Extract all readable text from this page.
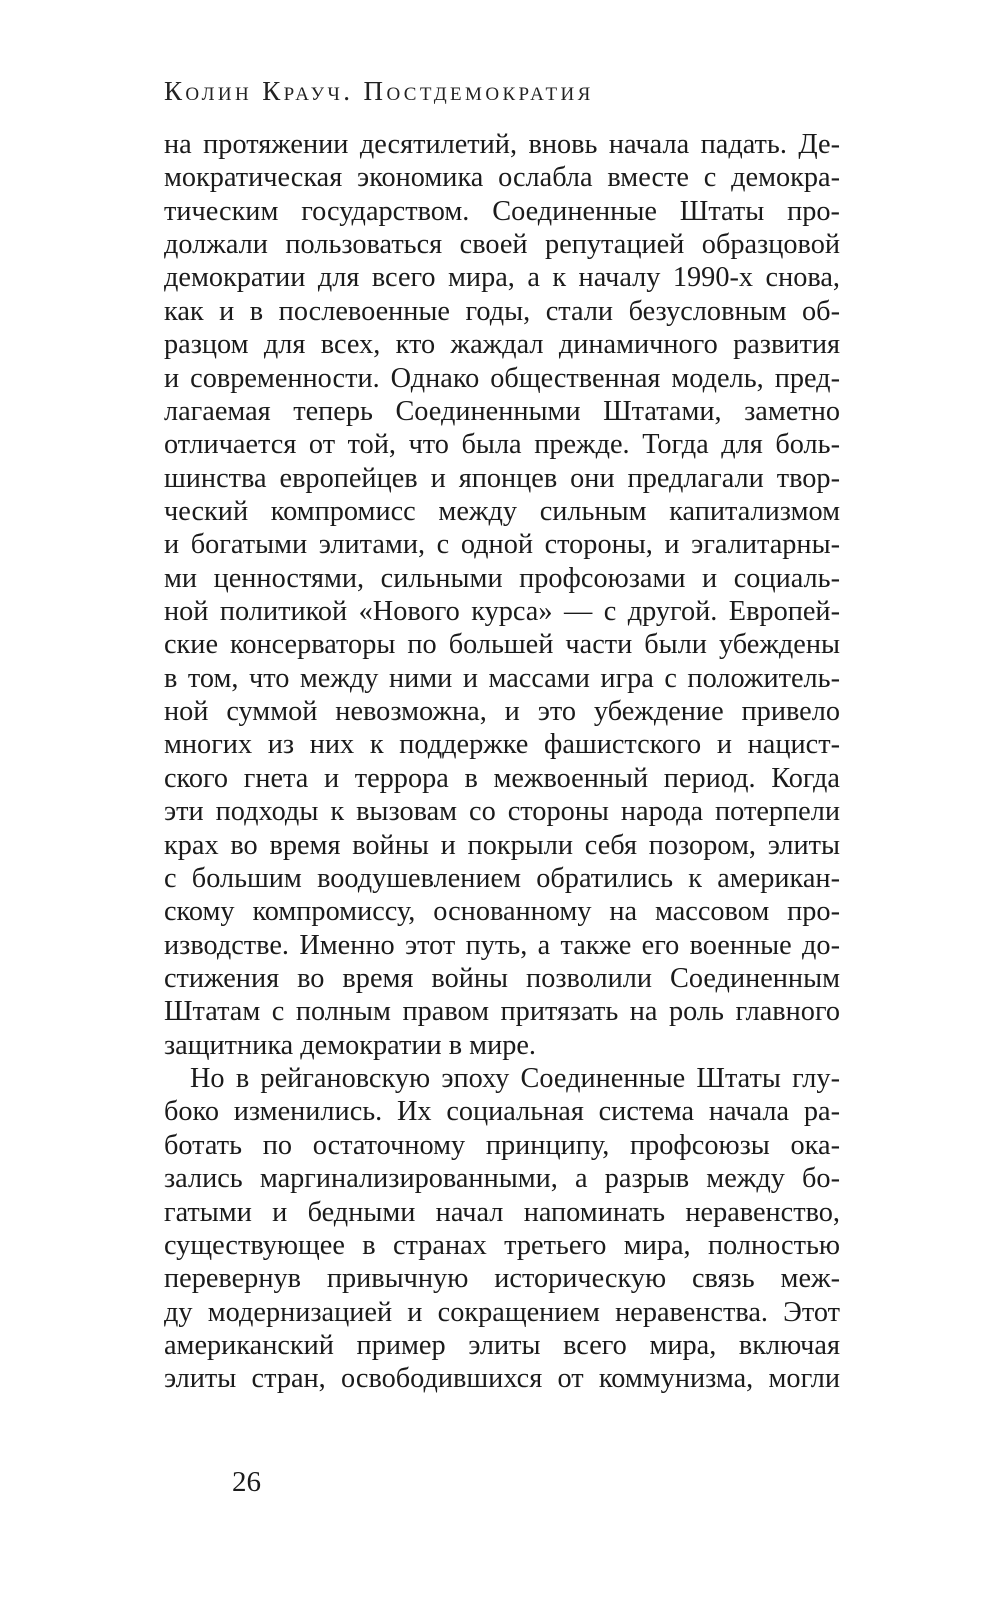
Колин Крауч. Постдемократия
на протяжении десятилетий, вновь начала падать. Де-
мократическая экономика ослабла вместе с демокра-
тическим государством. Соединенные Штаты про-
должали пользоваться своей репутацией образцовой
демократии для всего мира, а к началу 1990-х снова,
как и в послевоенные годы, стали безусловным об-
разцом для всех, кто жаждал динамичного развития
и современности. Однако общественная модель, пред-
лагаемая теперь Соединенными Штатами, заметно
отличается от той, что была прежде. Тогда для боль-
шинства европейцев и японцев они предлагали твор-
ческий компромисс между сильным капитализмом
и богатыми элитами, с одной стороны, и эгалитарны-
ми ценностями, сильными профсоюзами и социаль-
ной политикой «Нового курса» — с другой. Европей-
ские консерваторы по большей части были убеждены
в том, что между ними и массами игра с положитель-
ной суммой невозможна, и это убеждение привело
многих из них к поддержке фашистского и нацист-
ского гнета и террора в межвоенный период. Когда
эти подходы к вызовам со стороны народа потерпели
крах во время войны и покрыли себя позором, элиты
с большим воодушевлением обратились к американ-
скому компромиссу, основанному на массовом про-
изводстве. Именно этот путь, а также его военные до-
стижения во время войны позволили Соединенным
Штатам с полным правом притязать на роль главного
защитника демократии в мире.
Но в рейгановскую эпоху Соединенные Штаты глу-
боко изменились. Их социальная система начала ра-
ботать по остаточному принципу, профсоюзы ока-
зались маргинализированными, а разрыв между бо-
гатыми и бедными начал напоминать неравенство,
существующее в странах третьего мира, полностью
перевернув привычную историческую связь меж-
ду модернизацией и сокращением неравенства. Этот
американский пример элиты всего мира, включая
элиты стран, освободившихся от коммунизма, могли
26
